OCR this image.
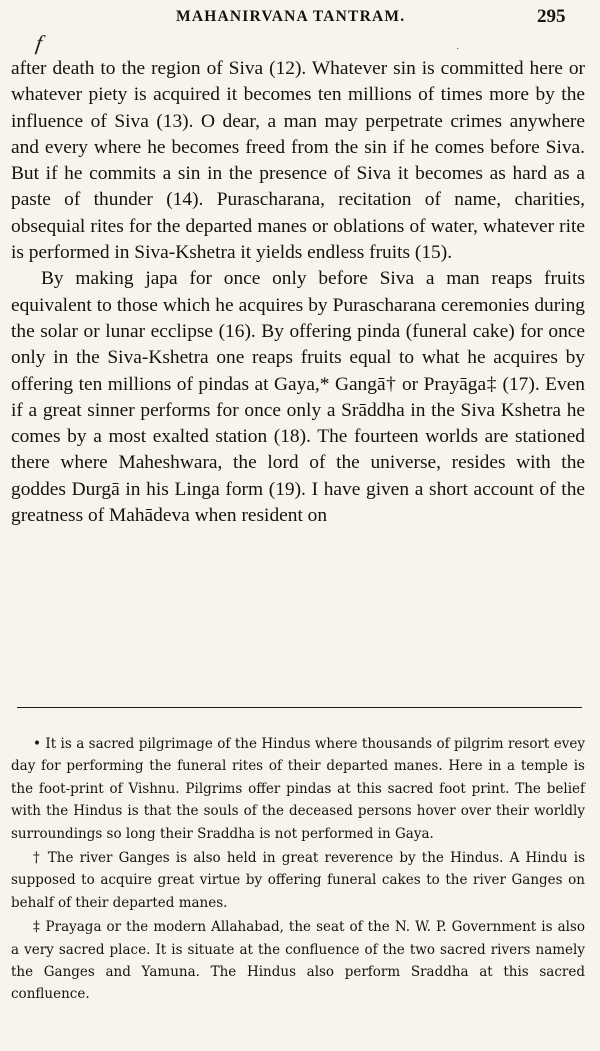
MAHANIRVANA TANTRAM.	295
f	·

after death to the region of Siva (12). Whatever sin is committed here or whatever piety is acquired it becomes ten millions of times more by the influence of Siva (13). O dear, a man may perpetrate crimes anywhere and every where he becomes freed from the sin if he comes before Siva. But if he commits a sin in the presence of Siva it becomes as hard as a paste of thunder (14). Purascharana, recitation of name, charities, obsequial rites for the departed manes or oblations of water, whatever rite is performed in Siva-Kshetra it yields endless fruits (15).

By making japa for once only before Siva a man reaps fruits equivalent to those which he acquires by Purascharana ceremonies during the solar or lunar ecclipse (16). By offering pinda (funeral cake) for once only in the Siva-Kshetra one reaps fruits equal to what he acquires by offering ten millions of pindas at Gaya,* Gangā† or Prayāga‡ (17). Even if a great sinner performs for once only a Srāddha in the Siva Kshetra he comes by a most exalted station (18). The fourteen worlds are stationed there where Maheshwara, the lord of the universe, resides with the goddes Durgā in his Linga form (19). I have given a short account of the greatness of Mahādeva when resident on

• It is a sacred pilgrimage of the Hindus where thousands of pilgrim resort evey day for performing the funeral rites of their departed manes. Here in a temple is the foot-print of Vishnu. Pilgrims offer pindas at this sacred foot print. The belief with the Hindus is that the souls of the deceased persons hover over their worldly surroundings so long their Sraddha is not performed in Gaya.

† The river Ganges is also held in great reverence by the Hindus. A Hindu is supposed to acquire great virtue by offering funeral cakes to the river Ganges on behalf of their departed manes.

‡ Prayaga or the modern Allahabad, the seat of the N. W. P. Government is also a very sacred place. It is situate at the confluence of the two sacred rivers namely the Ganges and Yamuna. The Hindus also perform Sraddha at this sacred confluence.
